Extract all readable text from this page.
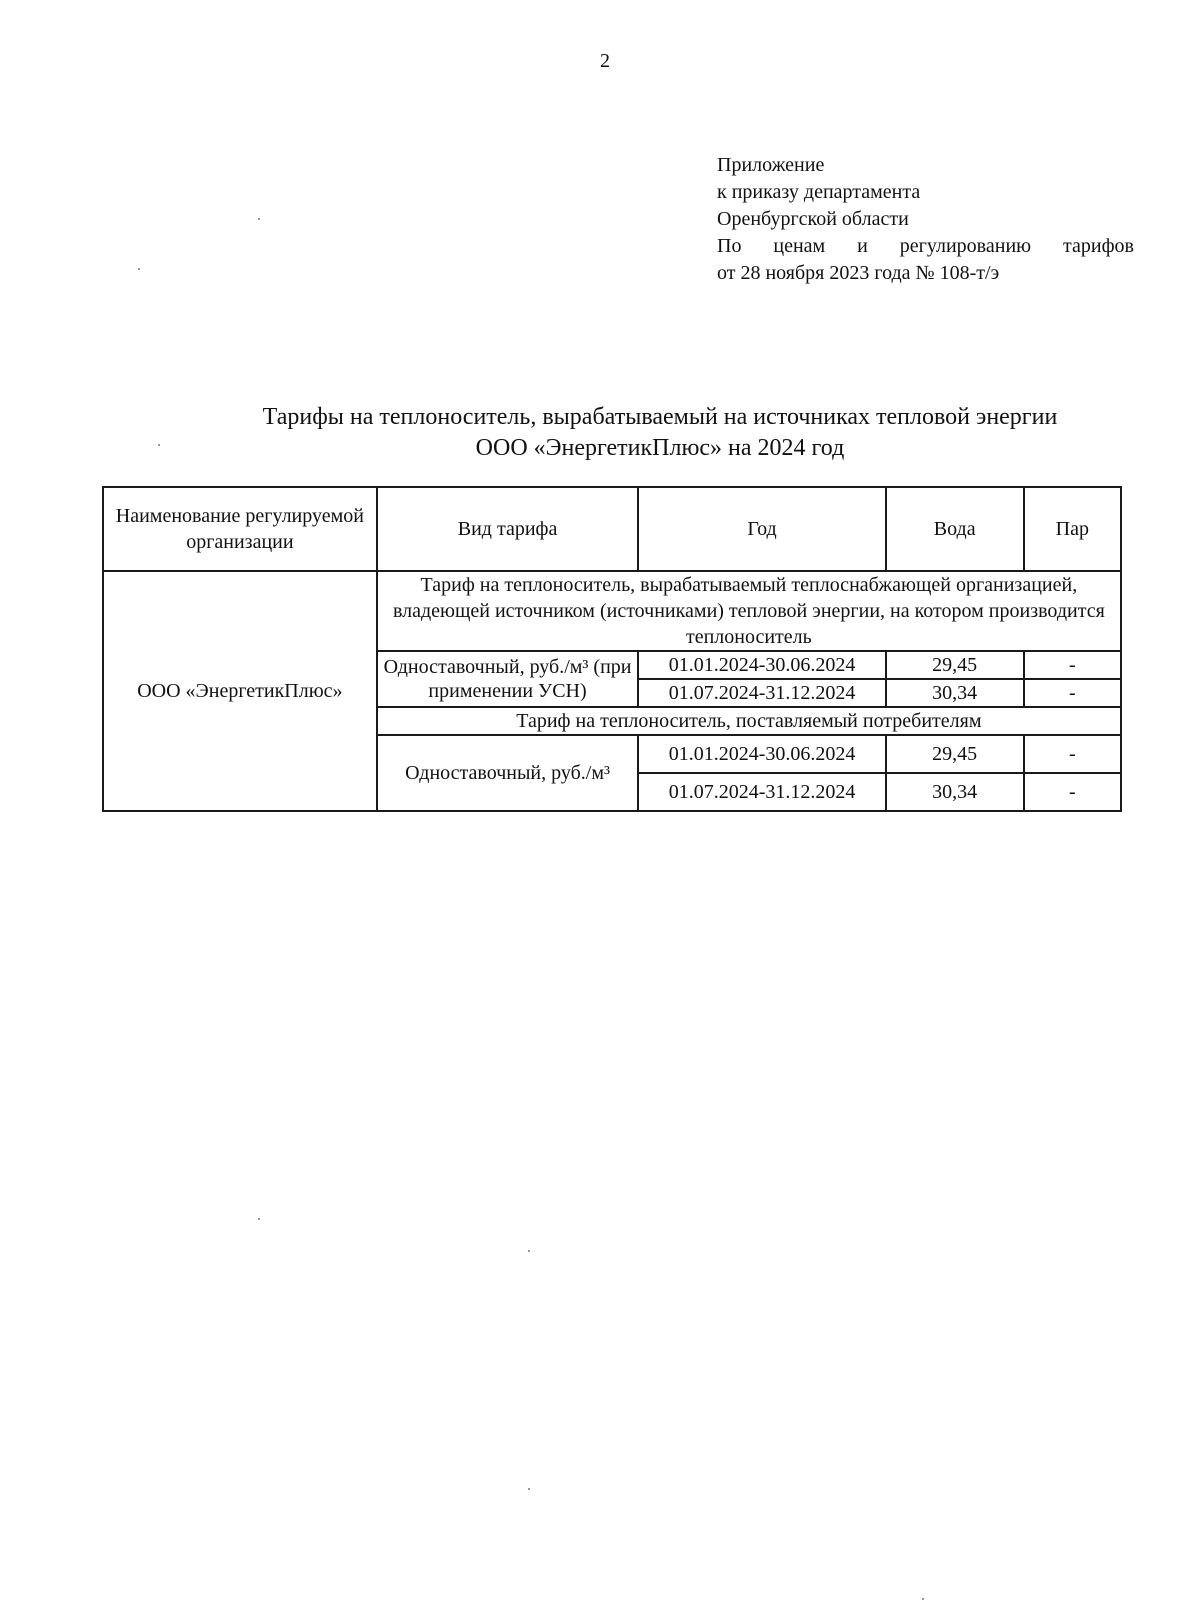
2
Приложение
к приказу департамента
Оренбургской области
По ценам и регулированию тарифов
от 28 ноября 2023 года № 108-т/э
Тарифы на теплоноситель, вырабатываемый на источниках тепловой энергии
ООО «ЭнергетикПлюс» на 2024 год
Наименование регулируемой организации	Вид тарифа	Год	Вода	Пар
ООО «ЭнергетикПлюс»	Тариф на теплоноситель, вырабатываемый теплоснабжающей организацией, владеющей источником (источниками) тепловой энергии, на котором производится теплоноситель			
	Одноставочный, руб./м³ (при применении УСН)	01.01.2024-30.06.2024	29,45	-
		01.07.2024-31.12.2024	30,34	-
	Тариф на теплоноситель, поставляемый потребителям			
	Одноставочный, руб./м³	01.01.2024-30.06.2024	29,45	-
		01.07.2024-31.12.2024	30,34	-
